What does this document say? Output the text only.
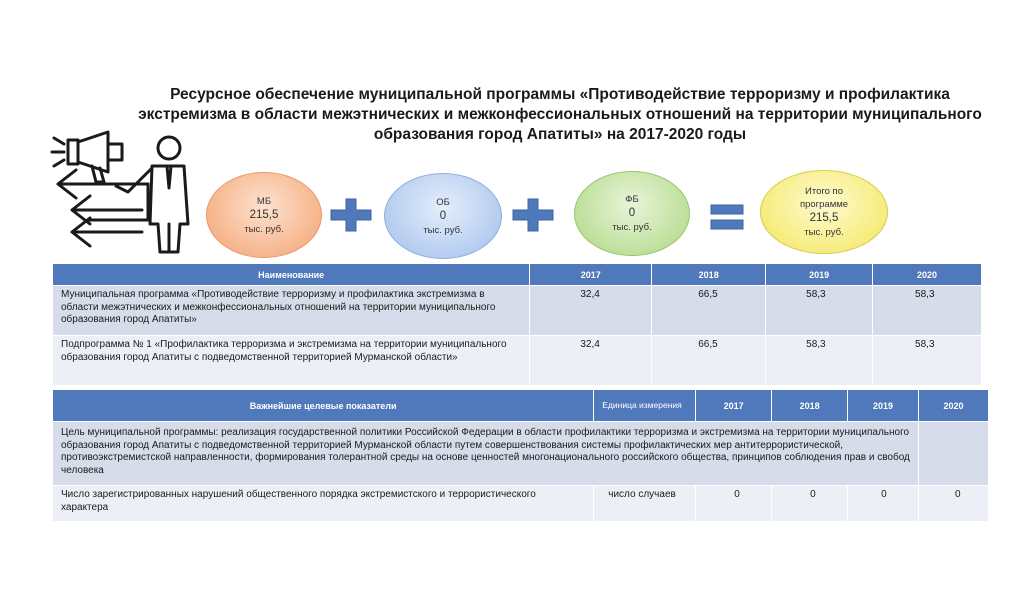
Ресурсное обеспечение муниципальной программы «Противодействие терроризму и профилактика
экстремизма в области межэтнических и межконфессиональных отношений на территории муниципального
образования город Апатиты» на 2017-2020 годы
МБ
215,5
тыс. руб.
ОБ
0
тыс. руб.
ФБ
0
тыс. руб.
Итого по
программе
215,5
тыс. руб.
Наименование	2017	2018	2019	2020
Муниципальная программа «Противодействие терроризму и профилактика экстремизма в области межэтнических и межконфессиональных отношений на территории муниципального образования город Апатиты»	32,4	66,5	58,3	58,3
Подпрограмма № 1 «Профилактика терроризма и экстремизма на территории муниципального образования город Апатиты с подведомственной территорией Мурманской области»	32,4	66,5	58,3	58,3
Важнейшие целевые показатели	Единица измерения	2017	2018	2019	2020
Цель муниципальной программы: реализация государственной политики Российской Федерации в области профилактики терроризма и экстремизма на территории муниципального образования город Апатиты с подведомственной территорией Мурманской области путем совершенствования системы профилактических мер антитеррористической, противоэкстремистской направленности, формирования толерантной среды на основе ценностей многонационального российского общества, принципов соблюдения прав и свобод человека					
Число зарегистрированных нарушений общественного порядка экстремистского и террористического характера	число случаев	0	0	0	0
